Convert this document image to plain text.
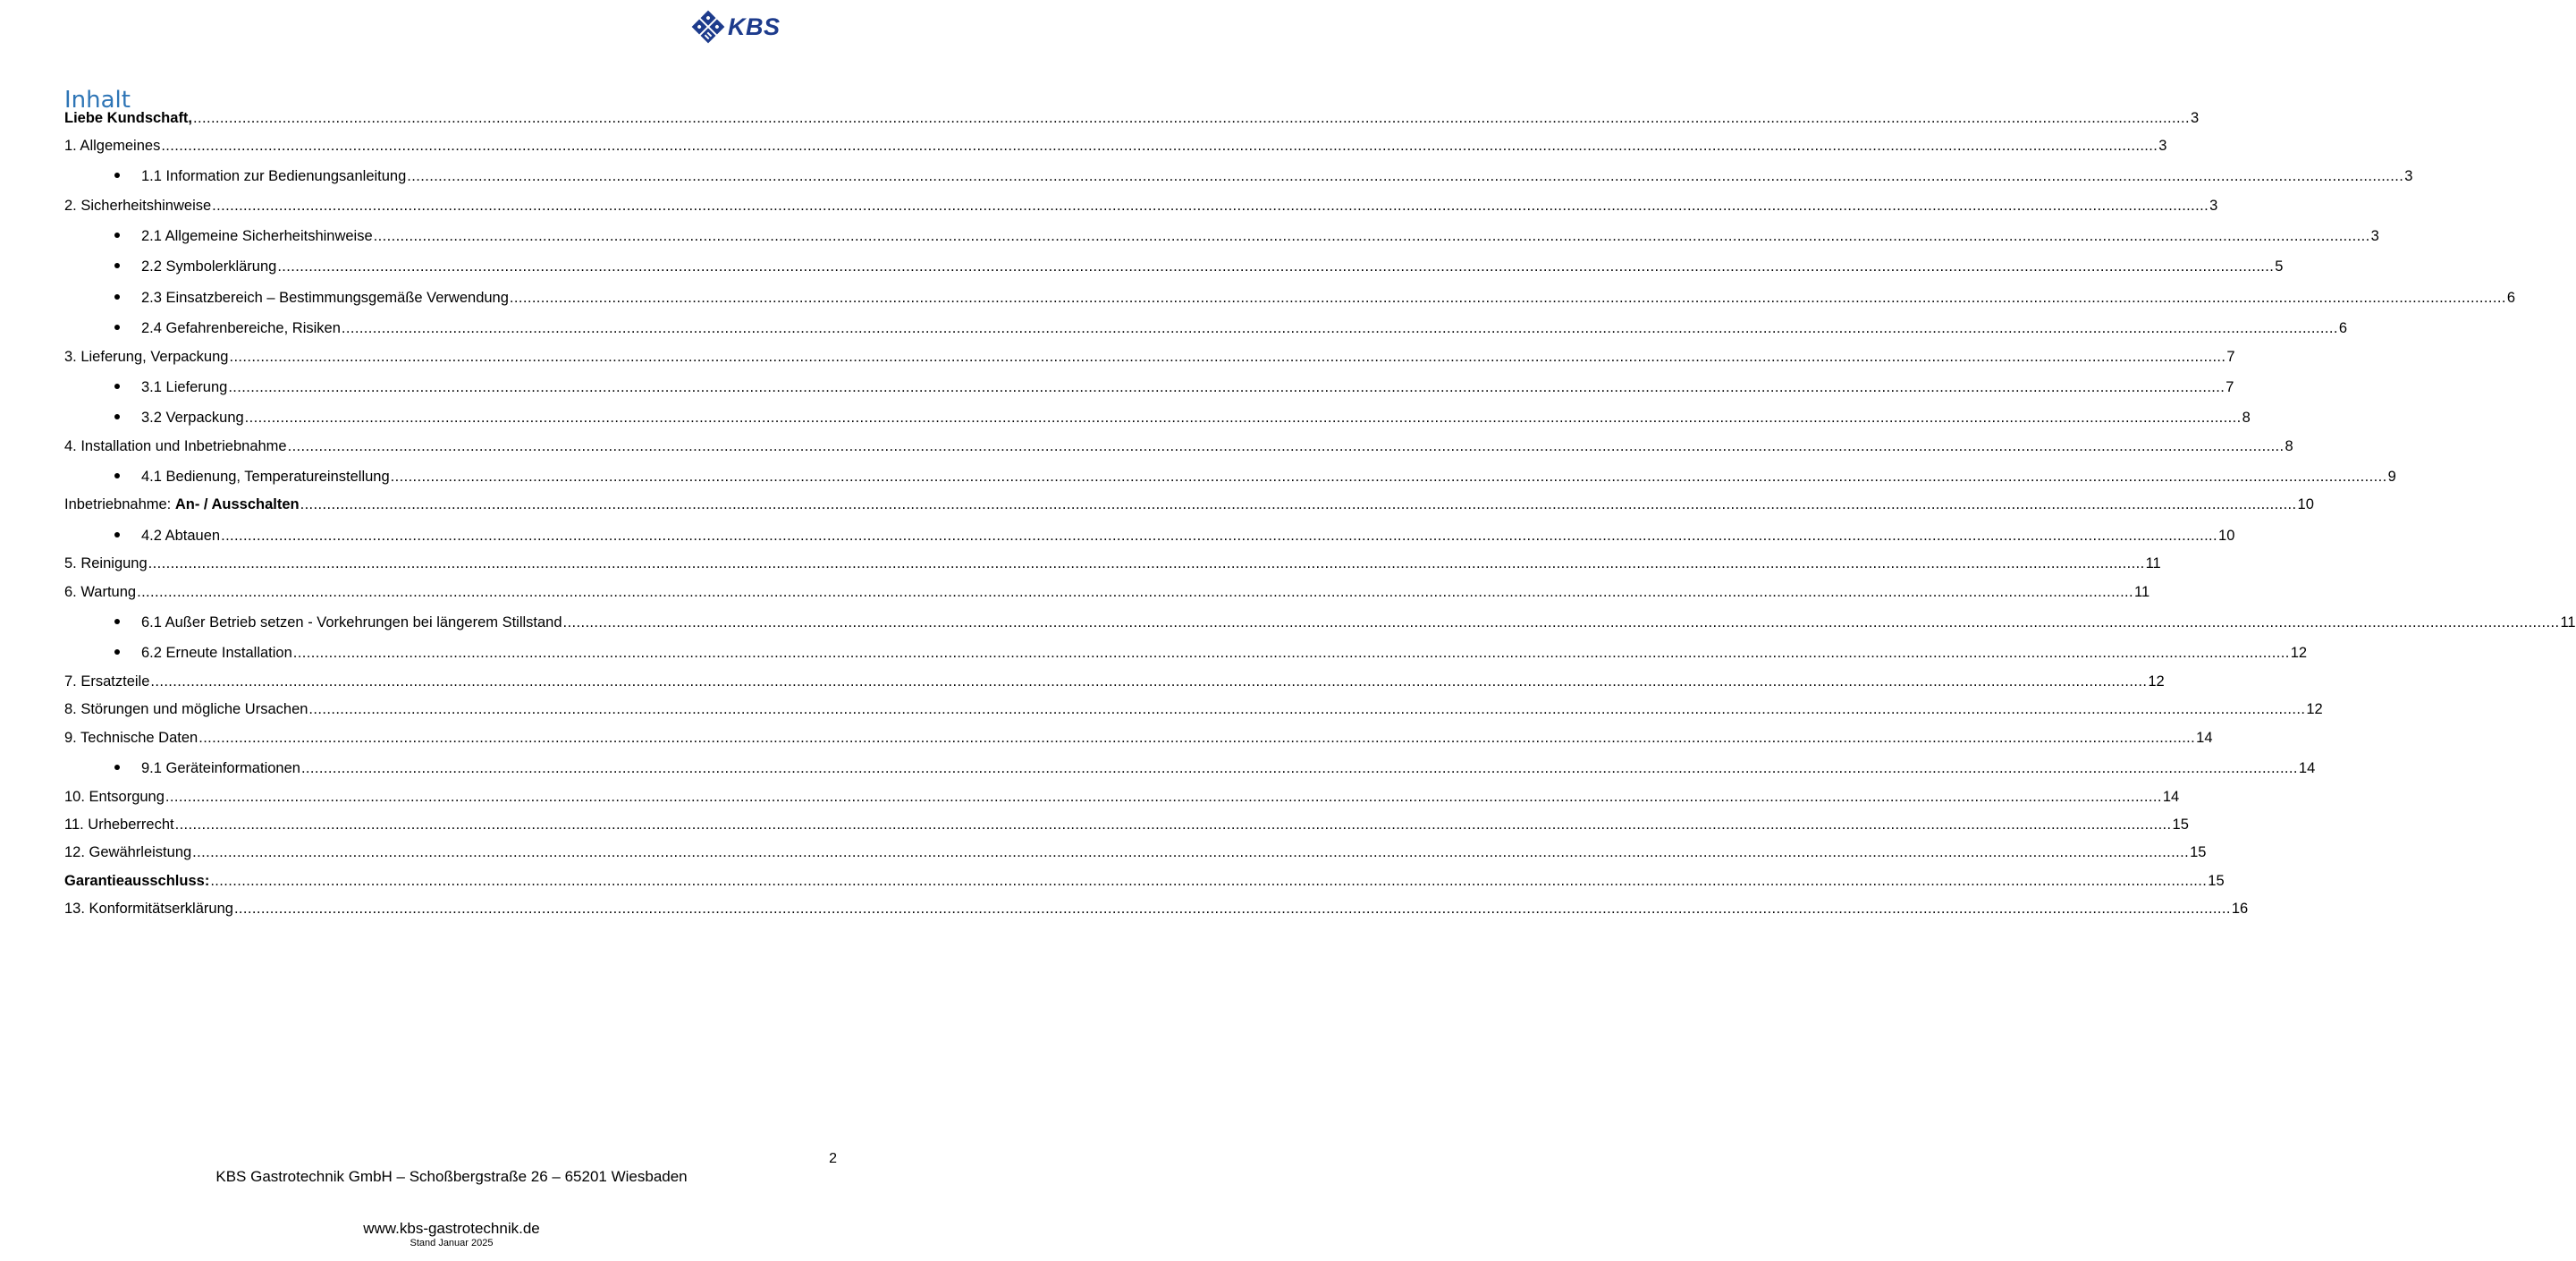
KBS
Inhalt
Liebe Kundschaft, .....	3
1. Allgemeines .....	3
1.1 Information zur Bedienungsanleitung .....	3
2. Sicherheitshinweise .....	3
2.1 Allgemeine Sicherheitshinweise .....	3
2.2 Symbolerklärung .....	5
2.3 Einsatzbereich – Bestimmungsgemäße Verwendung .....	6
2.4 Gefahrenbereiche, Risiken .....	6
3. Lieferung, Verpackung .....	7
3.1 Lieferung .....	7
3.2 Verpackung .....	8
4. Installation und Inbetriebnahme .....	8
4.1 Bedienung, Temperatureinstellung .....	9
Inbetriebnahme: An- / Ausschalten .....	10
4.2 Abtauen .....	10
5. Reinigung .....	11
6. Wartung .....	11
6.1 Außer Betrieb setzen - Vorkehrungen bei längerem Stillstand .....	11
6.2 Erneute Installation .....	12
7. Ersatzteile .....	12
8. Störungen und mögliche Ursachen .....	12
9. Technische Daten .....	14
9.1 Geräteinformationen .....	14
10. Entsorgung .....	14
11. Urheberrecht .....	15
12. Gewährleistung .....	15
Garantieausschluss: .....	15
13. Konformitätserklärung .....	16
2
KBS Gastrotechnik GmbH – Schoßbergstraße 26 – 65201 Wiesbaden
www.kbs-gastrotechnik.de
Stand Januar 2025
